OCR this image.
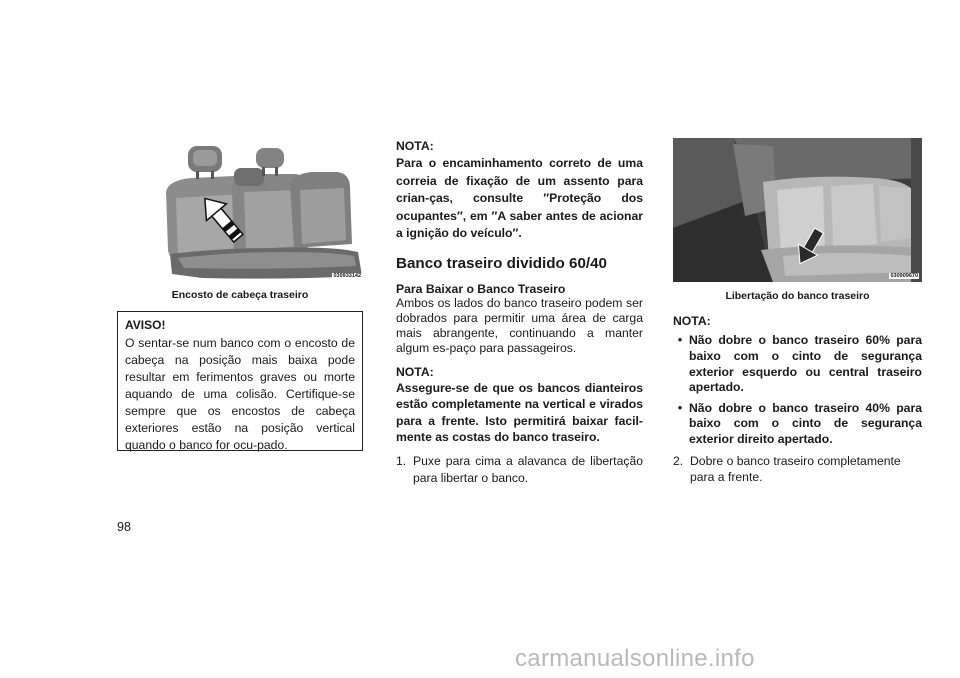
030933142
Encosto de cabeça traseiro
AVISO!

O sentar-se num banco com o encosto de cabeça na posição mais baixa pode resultar em ferimentos graves ou morte aquando de uma colisão. Certifique-se sempre que os encostos de cabeça exteriores estão na posição vertical quando o banco for ocu-pado.

NOTA:

Para o encaminhamento correto de uma correia de fixação de um assento para crian-ças, consulte ″Proteção dos ocupantes″, em ″A saber antes de acionar a ignição do veículo″.

Banco traseiro dividido 60/40
Para Baixar o Banco Traseiro

Ambos os lados do banco traseiro podem ser dobrados para permitir uma área de carga mais abrangente, continuando a manter algum es-paço para passageiros.

NOTA:

Assegure-se de que os bancos dianteiros estão completamente na vertical e virados para a frente. Isto permitirá baixar facil-mente as costas do banco traseiro.

1. Puxe para cima a alavanca de libertação para libertar o banco.
030909670
Libertação do banco traseiro

NOTA:

• Não dobre o banco traseiro 60% para baixo com o cinto de segurança exterior esquerdo ou central traseiro apertado.
• Não dobre o banco traseiro 40% para baixo com o cinto de segurança exterior direito apertado.
2. Dobre o banco traseiro completamente para a frente.
98
carmanualsonline.info
